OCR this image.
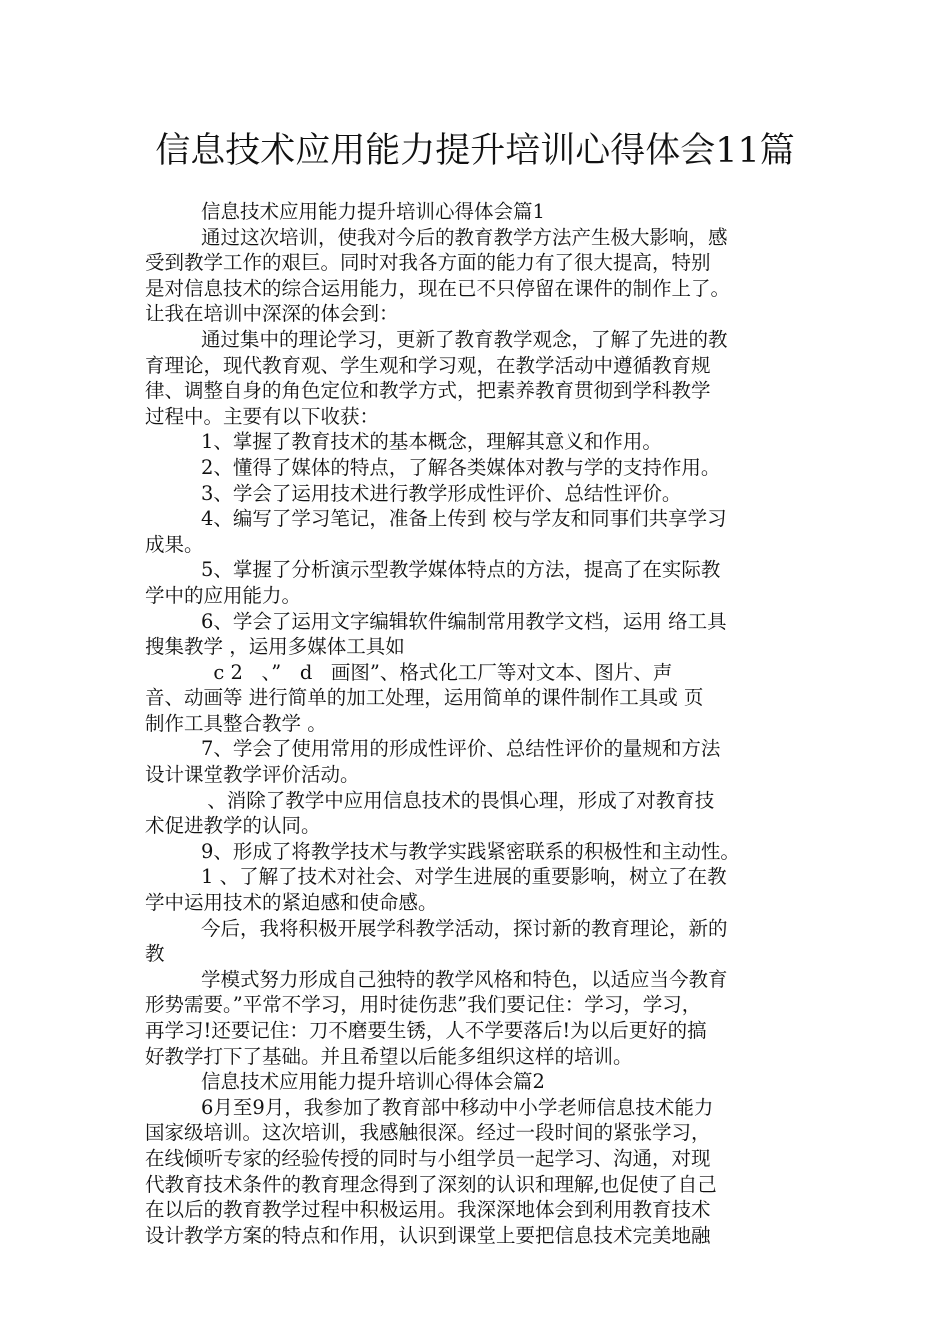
信息技术应用能力提升培训心得体会11篇
信息技术应用能力提升培训心得体会篇1
通过这次培训，使我对今后的教育教学方法产生极大影响，感
受到教学工作的艰巨。同时对我各方面的能力有了很大提高，特别
是对信息技术的综合运用能力，现在已不只停留在课件的制作上了。
让我在培训中深深的体会到：
通过集中的理论学习，更新了教育教学观念，了解了先进的教
育理论，现代教育观、学生观和学习观，在教学活动中遵循教育规
律、调整自身的角色定位和教学方式，把素养教育贯彻到学科教学
过程中。主要有以下收获：
1、掌握了教育技术的基本概念，理解其意义和作用。
2、懂得了媒体的特点，了解各类媒体对教与学的支持作用。
3、学会了运用技术进行教学形成性评价、总结性评价。
4、编写了学习笔记，准备上传到 校与学友和同事们共享学习
成果。
5、掌握了分析演示型教学媒体特点的方法，提高了在实际教
学中的应用能力。
6、学会了运用文字编辑软件编制常用教学文档，运用 络工具
搜集教学 ，运用多媒体工具如
c 2   、”   d   画图”、格式化工厂等对文本、图片、声
音、动画等 进行简单的加工处理，运用简单的课件制作工具或 页
制作工具整合教学 。
7、学会了使用常用的形成性评价、总结性评价的量规和方法
设计课堂教学评价活动。
、消除了教学中应用信息技术的畏惧心理，形成了对教育技
术促进教学的认同。
9、形成了将教学技术与教学实践紧密联系的积极性和主动性。
1 、了解了技术对社会、对学生进展的重要影响，树立了在教
学中运用技术的紧迫感和使命感。
今后，我将积极开展学科教学活动，探讨新的教育理论，新的
教
学模式努力形成自己独特的教学风格和特色，以适应当今教育
形势需要。”平常不学习，用时徒伤悲”我们要记住：学习，学习，
再学习!还要记住：刀不磨要生锈，人不学要落后!为以后更好的搞
好教学打下了基础。并且希望以后能多组织这样的培训。
信息技术应用能力提升培训心得体会篇2
6月至9月，我参加了教育部中移动中小学老师信息技术能力
国家级培训。这次培训，我感触很深。经过一段时间的紧张学习，
在线倾听专家的经验传授的同时与小组学员一起学习、沟通，对现
代教育技术条件的教育理念得到了深刻的认识和理解,也促使了自己
在以后的教育教学过程中积极运用。我深深地体会到利用教育技术
设计教学方案的特点和作用，认识到课堂上要把信息技术完美地融
